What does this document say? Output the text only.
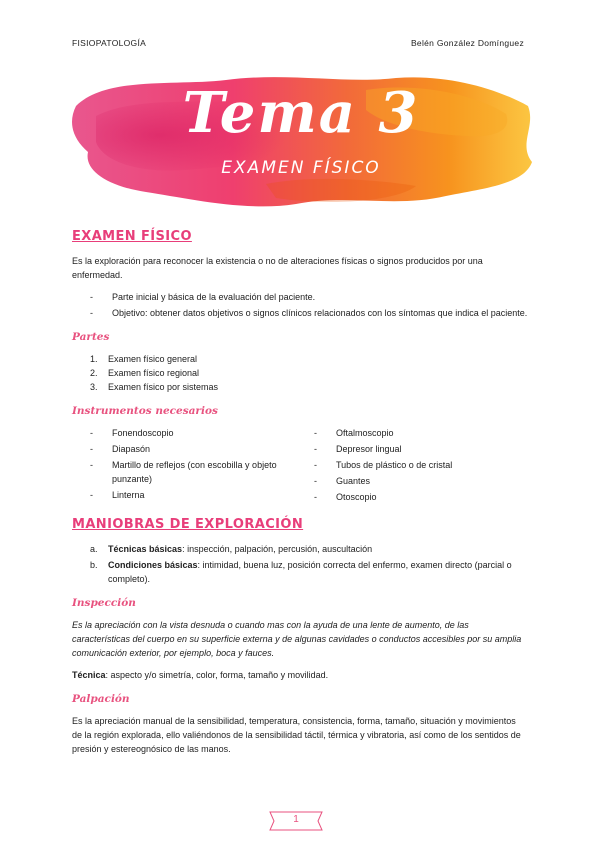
FISIOPATOLOGÍA	Belén González Domínguez
Tema 3
EXAMEN FÍSICO
EXAMEN FÍSICO

Es la exploración para reconocer la existencia o no de alteraciones físicas o signos producidos por una enfermedad.

- Parte inicial y básica de la evaluación del paciente.
- Objetivo: obtener datos objetivos o signos clínicos relacionados con los síntomas que indica el paciente.
Partes
1. Examen físico general
2. Examen físico regional
3. Examen físico por sistemas
Instrumentos necesarios
- Fonendoscopio
- Diapasón
- Martillo de reflejos (con escobilla y objeto punzante)
- Linterna
- Oftalmoscopio
- Depresor lingual
- Tubos de plástico o de cristal
- Guantes
- Otoscopio
MANIOBRAS DE EXPLORACIÓN
a. Técnicas básicas: inspección, palpación, percusión, auscultación
b. Condiciones básicas: intimidad, buena luz, posición correcta del enfermo, examen directo (parcial o completo).
Inspección

Es la apreciación con la vista desnuda o cuando mas con la ayuda de una lente de aumento, de las características del cuerpo en su superficie externa y de algunas cavidades o conductos accesibles por su amplia comunicación exterior, por ejemplo, boca y fauces.

Técnica: aspecto y/o simetría, color, forma, tamaño y movilidad.

Palpación

Es la apreciación manual de la sensibilidad, temperatura, consistencia, forma, tamaño, situación y movimientos de la región explorada, ello valiéndonos de la sensibilidad táctil, térmica y vibratoria, así como de los sentidos de presión y estereognósico de las manos.

1
